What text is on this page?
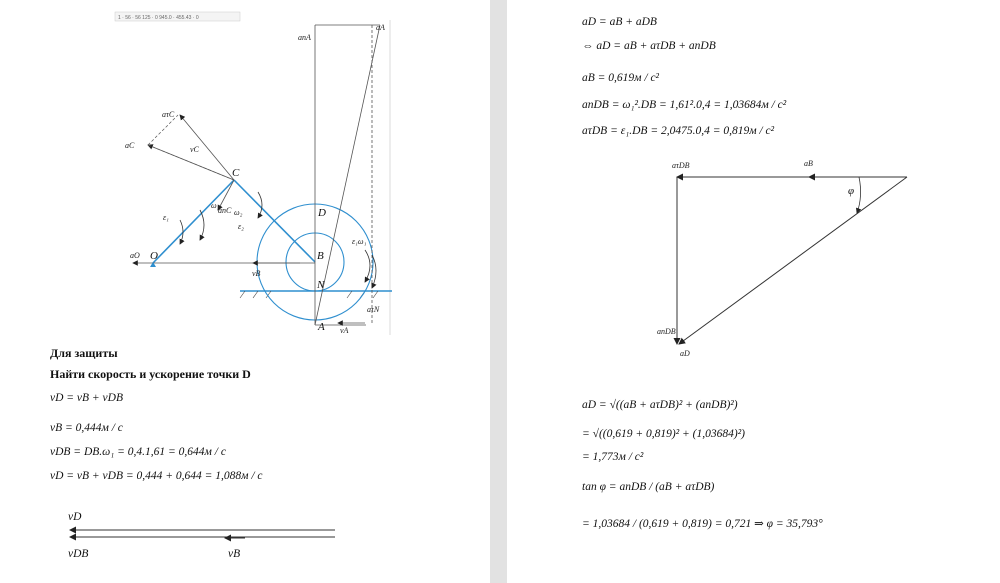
1 · 56 · 56 125 · 0 945.0 · 455.43 · 0
O
C
B
D
A
N
ω₁
ω₂
ε₁
ε₂
ε₁ω₁
vC
aC
aτC
anC
aO
vB
vA
aA
anA
aτN
Для защиты
Найти скорость и ускорение точки D
vD = vB + vDB
vB = 0,444м / c
vDB = DB.ω₁ = 0,4.1,61 = 0,644м / c
vD = vB + vDB = 0,444 + 0,644 = 1,088м / c
vD
vDB	vB
aD = aB + aDB
⇔ aD = aB + aτDB + anDB
aB = 0,619м / c²
anDB = ω₁².DB = 1,61².0,4 = 1,03684м / c²
aτDB = ε₁.DB = 2,0475.0,4 = 0,819м / c²
aτDB	aB
φ
anDB
aD
aD = √((aB + aτDB)² + (anDB)²)
= √((0,619 + 0,819)² + (1,03684)²)
= 1,773м / c²
tan φ = anDB / (aB + aτDB)
= 1,03684 / (0,619 + 0,819) = 0,721 ⇒ φ = 35,793°
